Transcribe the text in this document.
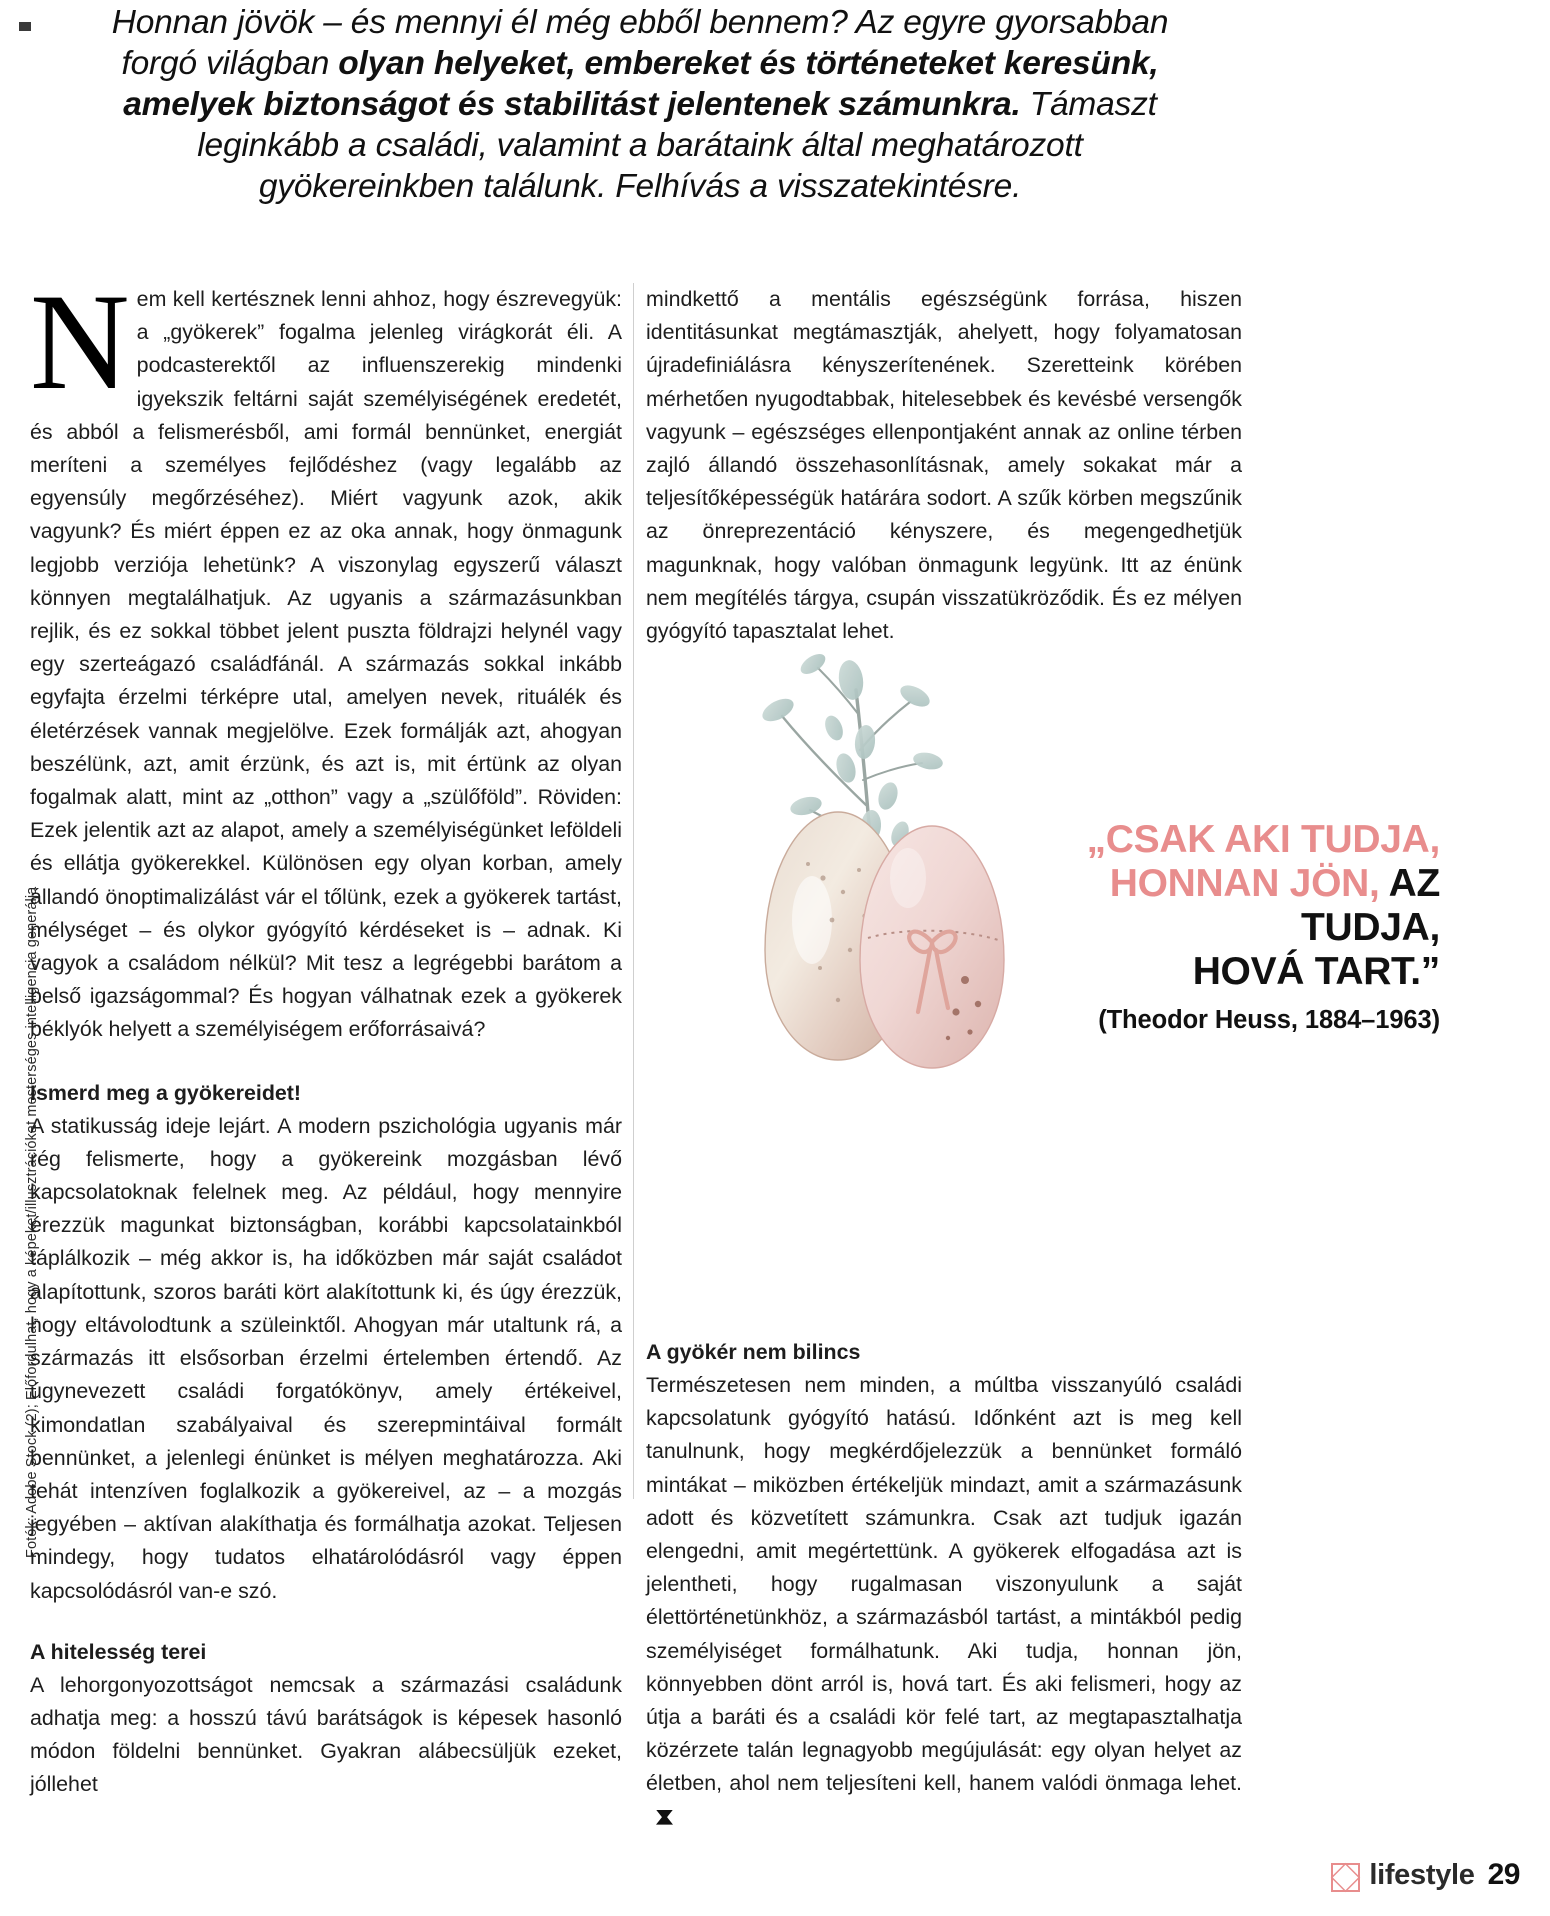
Honnan jövök – és mennyi él még ebből bennem? Az egyre gyorsabban forgó világban olyan helyeket, embereket és történeteket keresünk, amelyek biztonságot és stabilitást jelentenek számunkra. Támaszt leginkább a családi, valamint a barátaink által meghatározott gyökereinkben találunk. Felhívás a visszatekintésre.
Fotók: Adobe Stock (2); Előfordulhat, hogy a képeket/illusztrációkat mesterséges intelligencia generálja

Nem kell kertésznek lenni ahhoz, hogy észrevegyük: a „gyökerek” fogalma jelenleg virágkorát éli. A podcasterektől az influenszerekig mindenki igyekszik feltárni saját személyiségének eredetét, és abból a felismerésből, ami formál bennünket, energiát meríteni a személyes fejlődéshez (vagy legalább az egyensúly megőrzéséhez). Miért vagyunk azok, akik vagyunk? És miért éppen ez az oka annak, hogy önmagunk legjobb verziója lehetünk? A viszonylag egyszerű választ könnyen megtalálhatjuk. Az ugyanis a származásunkban rejlik, és ez sokkal többet jelent puszta földrajzi helynél vagy egy szerteágazó családfánál. A származás sokkal inkább egyfajta érzelmi térképre utal, amelyen nevek, rituálék és életérzések vannak megjelölve. Ezek formálják azt, ahogyan beszélünk, azt, amit érzünk, és azt is, mit értünk az olyan fogalmak alatt, mint az „otthon” vagy a „szülőföld”. Röviden: Ezek jelentik azt az alapot, amely a személyiségünket leföldeli és ellátja gyökerekkel. Különösen egy olyan korban, amely állandó önoptimalizálást vár el tőlünk, ezek a gyökerek tartást, mélységet – és olykor gyógyító kérdéseket is – adnak. Ki vagyok a családom nélkül? Mit tesz a legrégebbi barátom a belső igazságommal? És hogyan válhatnak ezek a gyökerek béklyók helyett a személyiségem erőforrásaivá?

Ismerd meg a gyökereidet!

A statikusság ideje lejárt. A modern pszichológia ugyanis már rég felismerte, hogy a gyökereink mozgásban lévő kapcsolatoknak felelnek meg. Az például, hogy mennyire érezzük magunkat biztonságban, korábbi kapcsolatainkból táplálkozik – még akkor is, ha időközben már saját családot alapítottunk, szoros baráti kört alakítottunk ki, és úgy érezzük, hogy eltávolodtunk a szüleinktől. Ahogyan már utaltunk rá, a származás itt elsősorban érzelmi értelemben értendő. Az úgynevezett családi forgatókönyv, amely értékeivel, kimondatlan szabályaival és szerepmintáival formált bennünket, a jelenlegi énünket is mélyen meghatározza. Aki tehát intenzíven foglalkozik a gyökereivel, az – a mozgás jegyében – aktívan alakíthatja és formálhatja azokat. Teljesen mindegy, hogy tudatos elhatárolódásról vagy éppen kapcsolódásról van-e szó.

A hitelesség terei

A lehorgonyozottságot nemcsak a származási családunk adhatja meg: a hosszú távú barátságok is képesek hasonló módon földelni bennünket. Gyakran alábecsüljük ezeket, jóllehet

mindkettő a mentális egészségünk forrása, hiszen identitásunkat megtámasztják, ahelyett, hogy folyamatosan újradefiniálásra kényszerítenének. Szeretteink körében mérhetően nyugodtabbak, hitelesebbek és kevésbé versengők vagyunk – egészséges ellenpontjaként annak az online térben zajló állandó összehasonlításnak, amely sokakat már a teljesítőképességük határára sodort. A szűk körben megszűnik az önreprezentáció kényszere, és megengedhetjük magunknak, hogy valóban önmagunk legyünk. Itt az énünk nem megítélés tárgya, csupán visszatükröződik. És ez mélyen gyógyító tapasztalat lehet.

„CSAK AKI TUDJA,
HONNAN JÖN, AZ TUDJA,
HOVÁ TART.”
(Theodor Heuss, 1884–1963)
A gyökér nem bilincs

Természetesen nem minden, a múltba visszanyúló családi kapcsolatunk gyógyító hatású. Időnként azt is meg kell tanulnunk, hogy megkérdőjelezzük a bennünket formáló mintákat – miközben értékeljük mindazt, amit a származásunk adott és közvetített számunkra. Csak azt tudjuk igazán elengedni, amit megértettünk. A gyökerek elfogadása azt is jelentheti, hogy rugalmasan viszonyulunk a saját élettörténetünkhöz, a származásból tartást, a mintákból pedig személyiséget formálhatunk. Aki tudja, honnan jön, könnyebben dönt arról is, hová tart. És aki felismeri, hogy az útja a baráti és a családi kör felé tart, az megtapasztalhatja közérzete talán legnagyobb megújulását: egy olyan helyet az életben, ahol nem teljesíteni kell, hanem valódi önmaga lehet.

lifestyle 29
